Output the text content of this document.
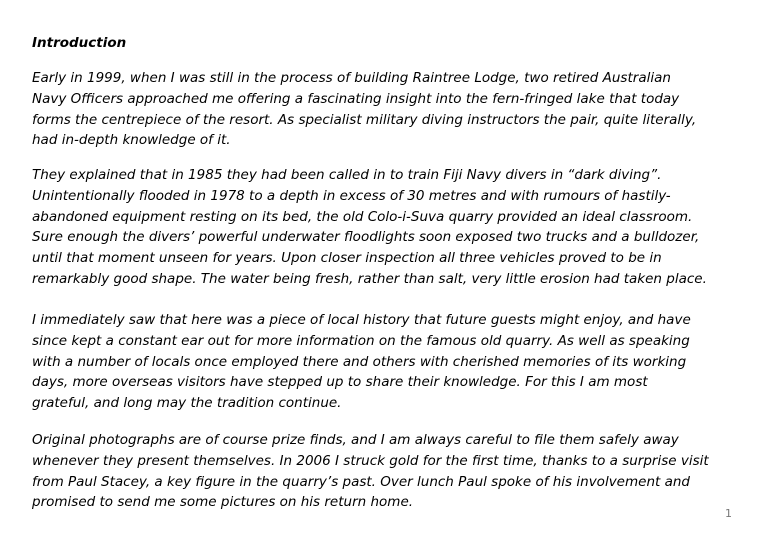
Introduction

Early in 1999, when I was still in the process of building Raintree Lodge, two retired Australian
Navy Officers approached me offering a fascinating insight into the fern-fringed lake that today
forms the centrepiece of the resort. As specialist military diving instructors the pair, quite literally,
had in-depth knowledge of it.

They explained that in 1985 they had been called in to train Fiji Navy divers in “dark diving”.
Unintentionally flooded in 1978 to a depth in excess of 30 metres and with rumours of hastily-
abandoned equipment resting on its bed, the old Colo-i-Suva quarry provided an ideal classroom.
Sure enough the divers’ powerful underwater floodlights soon exposed two trucks and a bulldozer,
until that moment unseen for years. Upon closer inspection all three vehicles proved to be in
remarkably good shape. The water being fresh, rather than salt, very little erosion had taken place.

I immediately saw that here was a piece of local history that future guests might enjoy, and have
since kept a constant ear out for more information on the famous old quarry. As well as speaking
with a number of locals once employed there and others with cherished memories of its working
days, more overseas visitors have stepped up to share their knowledge. For this I am most
grateful, and long may the tradition continue.

Original photographs are of course prize finds, and I am always careful to file them safely away
whenever they present themselves. In 2006 I struck gold for the first time, thanks to a surprise visit
from Paul Stacey, a key figure in the quarry’s past. Over lunch Paul spoke of his involvement and
promised to send me some pictures on his return home.

1
